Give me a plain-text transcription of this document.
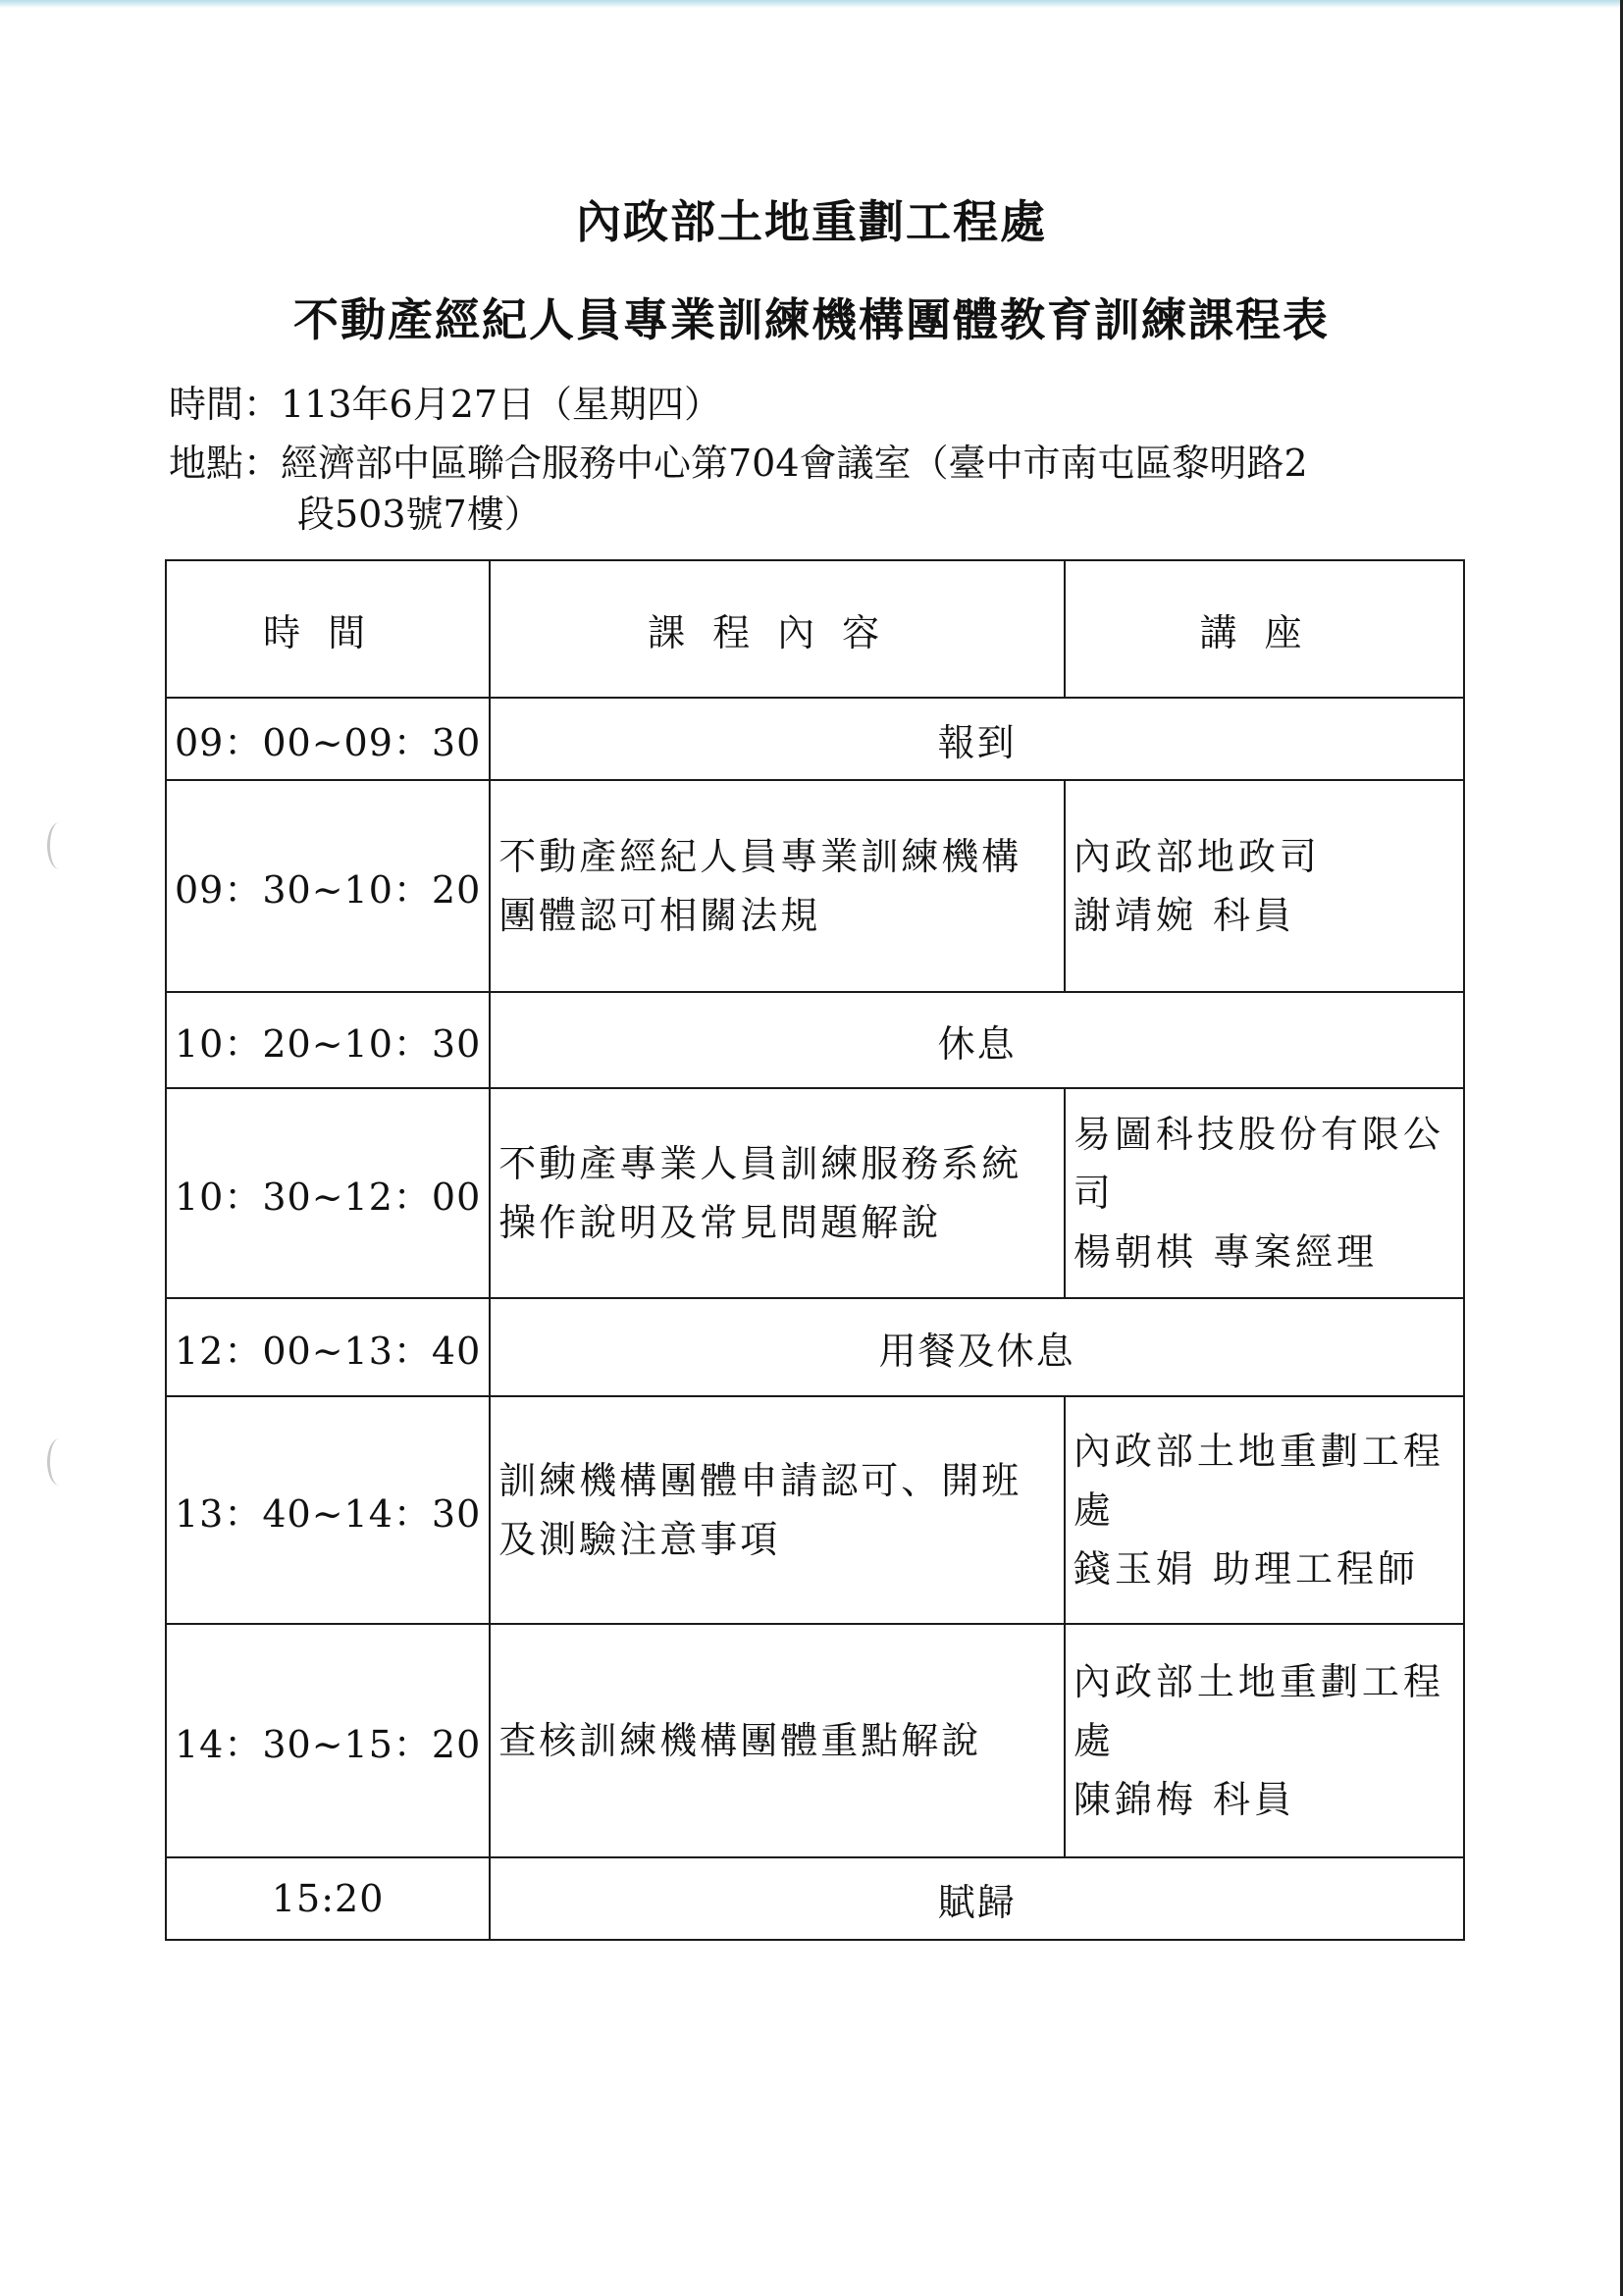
內政部土地重劃工程處
不動產經紀人員專業訓練機構團體教育訓練課程表

時間：113年6月27日（星期四）

地點：經濟部中區聯合服務中心第704會議室（臺中市南屯區黎明路2

段503號7樓）

時間	課程內容	講座
09：00~09：30	報到	
09：30~10：20	不動產經紀人員專業訓練機構團體認可相關法規	內政部地政司
謝靖婉 科員

10：20~10：30	休息	
10：30~12：00	不動產專業人員訓練服務系統操作說明及常見問題解說	易圖科技股份有限公司
楊朝棋 專案經理

12：00~13：40	用餐及休息	
13：40~14：30	訓練機構團體申請認可、開班及測驗注意事項	內政部土地重劃工程處
錢玉娟 助理工程師

14：30~15：20	查核訓練機構團體重點解說	內政部土地重劃工程處
陳錦梅 科員

15:20	賦歸	
